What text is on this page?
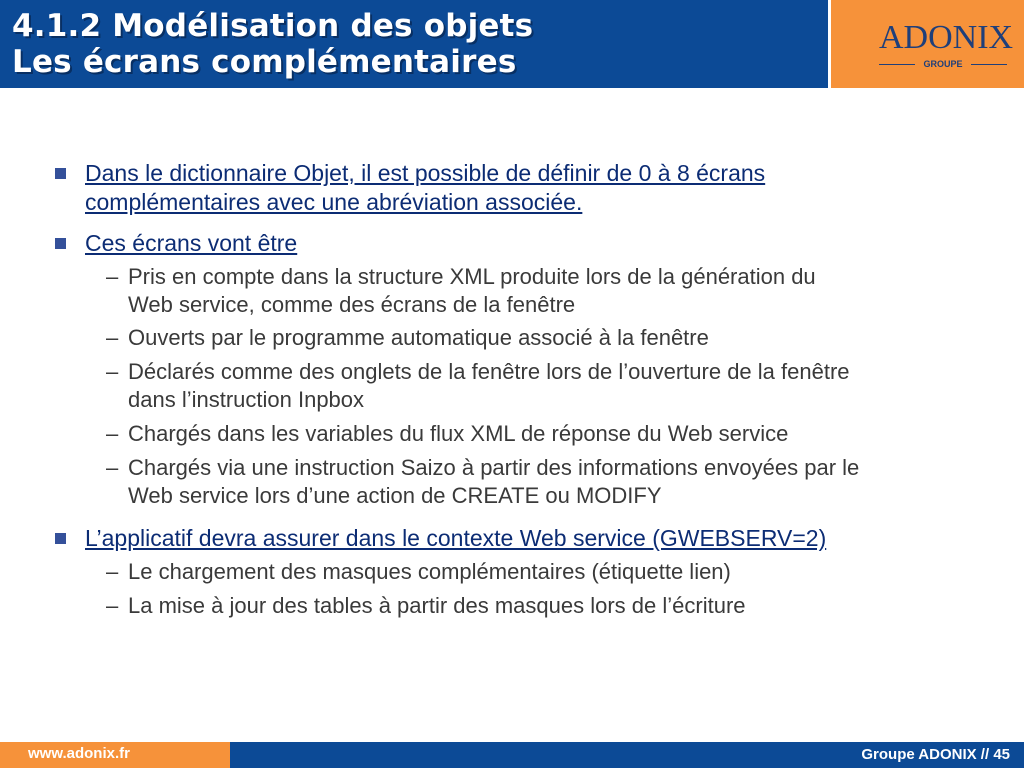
4.1.2 Modélisation des objets
Les écrans complémentaires
ADONIX
GROUPE
Dans le dictionnaire Objet, il est possible de définir de 0 à 8 écrans
complémentaires avec une abréviation associée.
Ces écrans vont être
– Pris en compte dans la structure XML produite lors de la génération du
Web service, comme des écrans de la fenêtre
– Ouverts par le programme automatique associé à la fenêtre
– Déclarés comme des onglets de la fenêtre lors de l’ouverture de la fenêtre
dans l’instruction Inpbox
– Chargés dans les variables du flux XML de réponse du Web service
– Chargés via une instruction Saizo à partir des informations envoyées par le
Web service lors d’une action de CREATE ou MODIFY
L’applicatif devra assurer dans le contexte Web service (GWEBSERV=2)
– Le chargement des masques complémentaires (étiquette lien)
– La mise à jour des tables à partir des masques lors de l’écriture
www.adonix.fr	Groupe ADONIX // 45
